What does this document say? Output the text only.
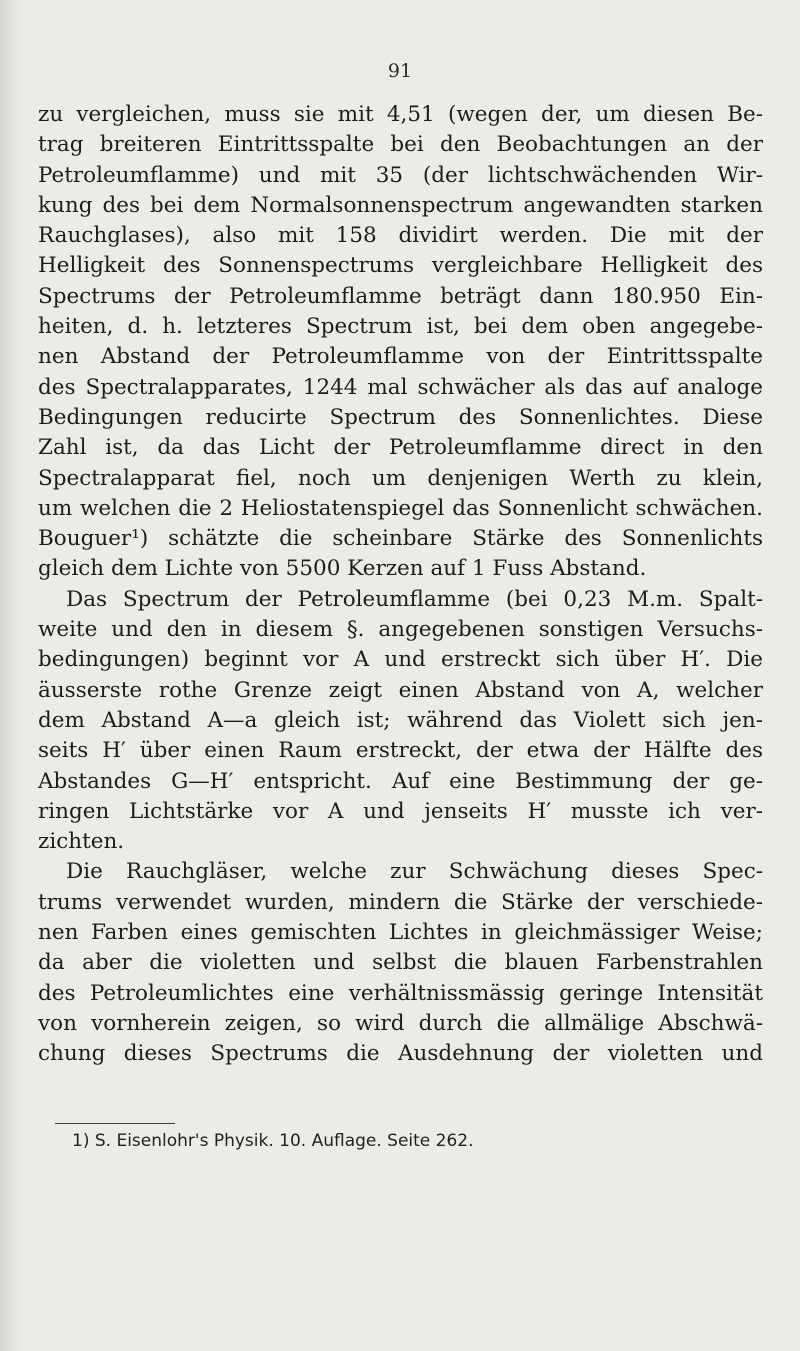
91
zu vergleichen, muss sie mit 4,51 (wegen der, um diesen Be-
trag breiteren Eintrittsspalte bei den Beobachtungen an der
Petroleumflamme) und mit 35 (der lichtschwächenden Wir-
kung des bei dem Normalsonnenspectrum angewandten starken
Rauchglases), also mit 158 dividirt werden. Die mit der
Helligkeit des Sonnenspectrums vergleichbare Helligkeit des
Spectrums der Petroleumflamme beträgt dann 180.950 Ein-
heiten, d. h. letzteres Spectrum ist, bei dem oben angegebe-
nen Abstand der Petroleumflamme von der Eintrittsspalte
des Spectralapparates, 1244 mal schwächer als das auf analoge
Bedingungen reducirte Spectrum des Sonnenlichtes. Diese
Zahl ist, da das Licht der Petroleumflamme direct in den
Spectralapparat fiel, noch um denjenigen Werth zu klein,
um welchen die 2 Heliostatenspiegel das Sonnenlicht schwächen.
Bouguer¹) schätzte die scheinbare Stärke des Sonnenlichts
gleich dem Lichte von 5500 Kerzen auf 1 Fuss Abstand.
Das Spectrum der Petroleumflamme (bei 0,23 M.m. Spalt-
weite und den in diesem §. angegebenen sonstigen Versuchs-
bedingungen) beginnt vor A und erstreckt sich über H′. Die
äusserste rothe Grenze zeigt einen Abstand von A, welcher
dem Abstand A—a gleich ist; während das Violett sich jen-
seits H′ über einen Raum erstreckt, der etwa der Hälfte des
Abstandes G—H′ entspricht. Auf eine Bestimmung der ge-
ringen Lichtstärke vor A und jenseits H′ musste ich ver-
zichten.
Die Rauchgläser, welche zur Schwächung dieses Spec-
trums verwendet wurden, mindern die Stärke der verschiede-
nen Farben eines gemischten Lichtes in gleichmässiger Weise;
da aber die violetten und selbst die blauen Farbenstrahlen
des Petroleumlichtes eine verhältnissmässig geringe Intensität
von vornherein zeigen, so wird durch die allmälige Abschwä-
chung dieses Spectrums die Ausdehnung der violetten und
1) S. Eisenlohr's Physik. 10. Auflage. Seite 262.
